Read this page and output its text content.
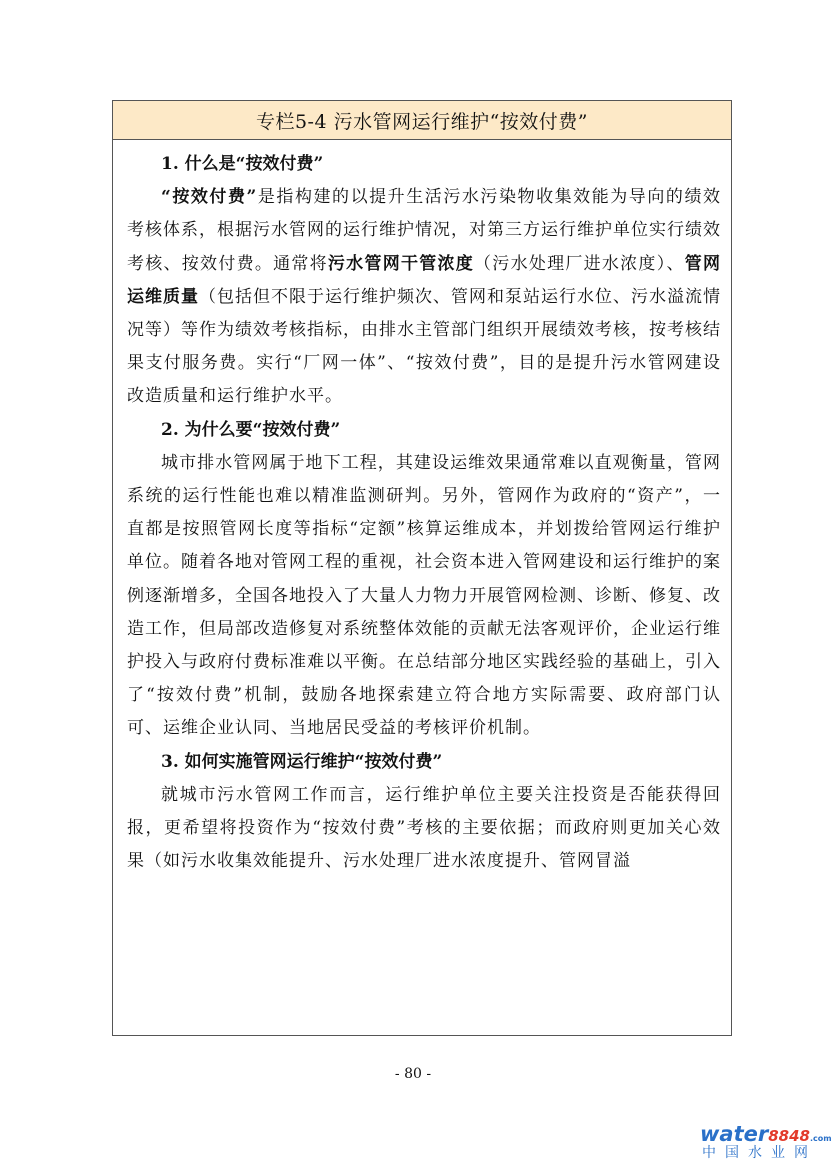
专栏5-4 污水管网运行维护“按效付费”

1. 什么是“按效付费”

“按效付费”是指构建的以提升生活污水污染物收集效能为导向的绩效考核体系，根据污水管网的运行维护情况，对第三方运行维护单位实行绩效考核、按效付费。通常将污水管网干管浓度（污水处理厂进水浓度）、管网运维质量（包括但不限于运行维护频次、管网和泵站运行水位、污水溢流情况等）等作为绩效考核指标，由排水主管部门组织开展绩效考核，按考核结果支付服务费。实行“厂网一体”、“按效付费”，目的是提升污水管网建设改造质量和运行维护水平。

2. 为什么要“按效付费”

城市排水管网属于地下工程，其建设运维效果通常难以直观衡量，管网系统的运行性能也难以精准监测研判。另外，管网作为政府的“资产”，一直都是按照管网长度等指标“定额”核算运维成本，并划拨给管网运行维护单位。随着各地对管网工程的重视，社会资本进入管网建设和运行维护的案例逐渐增多，全国各地投入了大量人力物力开展管网检测、诊断、修复、改造工作，但局部改造修复对系统整体效能的贡献无法客观评价，企业运行维护投入与政府付费标准难以平衡。在总结部分地区实践经验的基础上，引入了“按效付费”机制，鼓励各地探索建立符合地方实际需要、政府部门认可、运维企业认同、当地居民受益的考核评价机制。

3. 如何实施管网运行维护“按效付费”

就城市污水管网工作而言，运行维护单位主要关注投资是否能获得回报，更希望将投资作为“按效付费”考核的主要依据；而政府则更加关心效果（如污水收集效能提升、污水处理厂进水浓度提升、管网冒溢

- 80 -
water8848.com
中国水业网
